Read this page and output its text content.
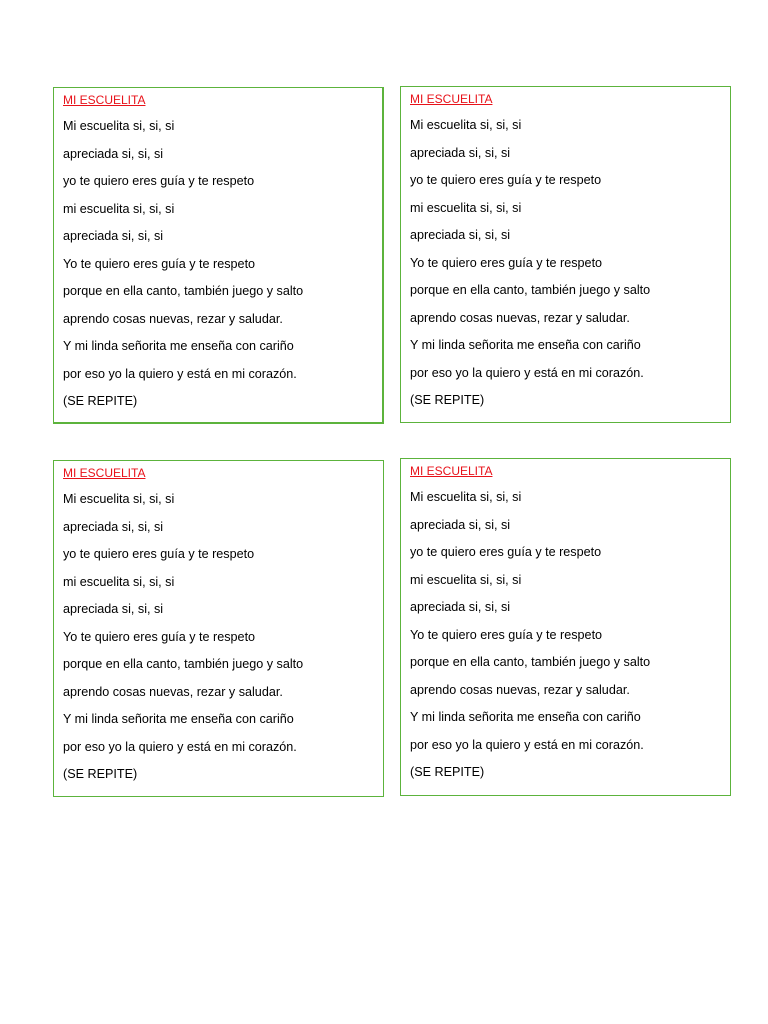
MI ESCUELITA
Mi escuelita si, si, si
apreciada si, si, si
yo te quiero eres guía y te respeto
mi escuelita si, si, si
apreciada si, si, si
Yo te quiero eres guía y te respeto
porque en ella canto, también juego y salto
aprendo cosas nuevas, rezar y saludar.
Y mi linda señorita me enseña con cariño
por eso yo la quiero y está en mi corazón.
(SE REPITE)
MI ESCUELITA
Mi escuelita si, si, si
apreciada si, si, si
yo te quiero eres guía y te respeto
mi escuelita si, si, si
apreciada si, si, si
Yo te quiero eres guía y te respeto
porque en ella canto, también juego y salto
aprendo cosas nuevas, rezar y saludar.
Y mi linda señorita me enseña con cariño
por eso yo la quiero y está en mi corazón.
(SE REPITE)
MI ESCUELITA
Mi escuelita si, si, si
apreciada si, si, si
yo te quiero eres guía y te respeto
mi escuelita si, si, si
apreciada si, si, si
Yo te quiero eres guía y te respeto
porque en ella canto, también juego y salto
aprendo cosas nuevas, rezar y saludar.
Y mi linda señorita me enseña con cariño
por eso yo la quiero y está en mi corazón.
(SE REPITE)
MI ESCUELITA
Mi escuelita si, si, si
apreciada si, si, si
yo te quiero eres guía y te respeto
mi escuelita si, si, si
apreciada si, si, si
Yo te quiero eres guía y te respeto
porque en ella canto, también juego y salto
aprendo cosas nuevas, rezar y saludar.
Y mi linda señorita me enseña con cariño
por eso yo la quiero y está en mi corazón.
(SE REPITE)
